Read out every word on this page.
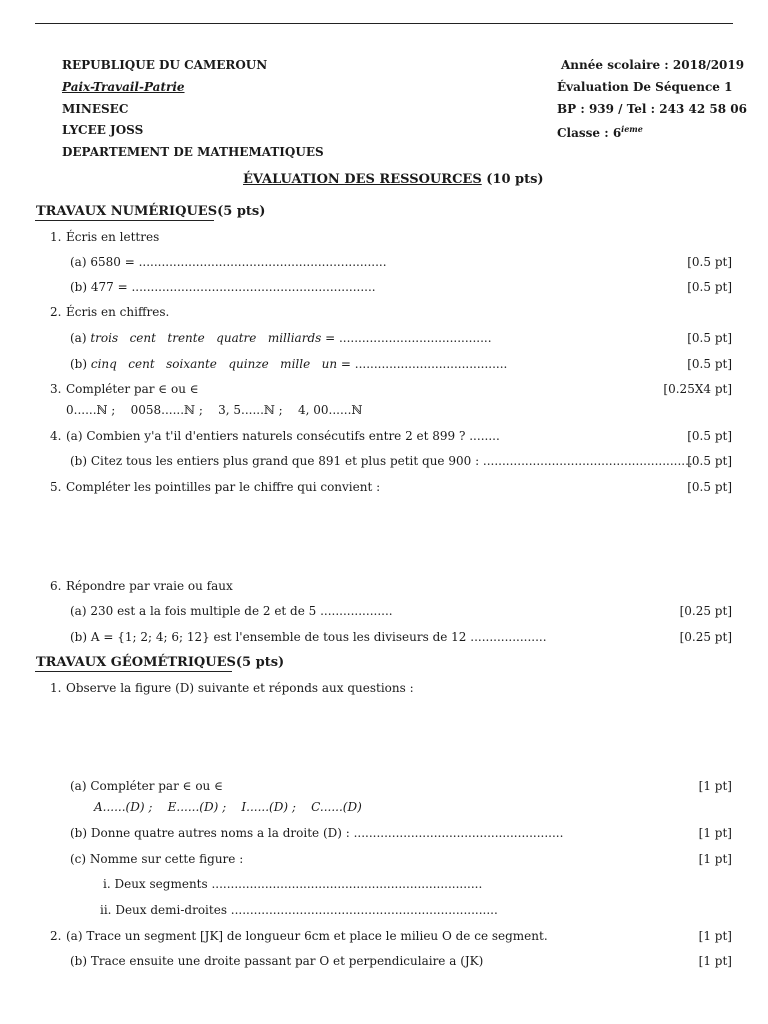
REPUBLIQUE DU CAMEROUN
Paix-Travail-Patrie
MINESEC
LYCEE JOSS
DEPARTEMENT DE MATHEMATIQUES
Année scolaire : 2018/2019
Évaluation De Séquence 1
BP : 939 / Tel : 243 42 58 06
Classe : 6ieme
ÉVALUATION DES RESSOURCES (10 pts)
TRAVAUX NUMÉRIQUES(5 pts)
1. Écris en lettres
(a) 6580 = .................................................................	[0.5 pt]
(b) 477 = ................................................................	[0.5 pt]
2. Écris en chiffres.
(a) trois   cent   trente   quatre   milliards = ........................................	[0.5 pt]
(b) cinq   cent   soixante   quinze   mille   un = ........................................	[0.5 pt]
3. Compléter par ∈ ou ∈	[0.25X4 pt]
0......ℕ ;    0058......ℕ ;    3, 5......ℕ ;    4, 00......ℕ
4. (a) Combien y'a t'il d'entiers naturels consécutifs entre 2 et 899 ? ........	[0.5 pt]
(b) Citez tous les entiers plus grand que 891 et plus petit que 900 : .......................................................
[0.5 pt]
5. Compléter les pointilles par le chiffre qui convient :	[0.5 pt]
6. Répondre par vraie ou faux
(a) 230 est a la fois multiple de 2 et de 5 ...................	[0.25 pt]
(b) A = {1; 2; 4; 6; 12} est l'ensemble de tous les diviseurs de 12 ....................	[0.25 pt]
TRAVAUX GÉOMÉTRIQUES(5 pts)
1. Observe la figure (D) suivante et réponds aux questions :
(a) Compléter par ∈ ou ∈	[1 pt]
A......(D) ;    E......(D) ;    I......(D) ;    C......(D)
(b) Donne quatre autres noms a la droite (D) : .......................................................	[1 pt]
(c) Nomme sur cette figure :	[1 pt]
i. Deux segments .......................................................................
ii. Deux demi-droites ......................................................................
2. (a) Trace un segment [JK] de longueur 6cm et place le milieu O de ce segment.	[1 pt]
(b) Trace ensuite une droite passant par O et perpendiculaire a (JK)	[1 pt]
